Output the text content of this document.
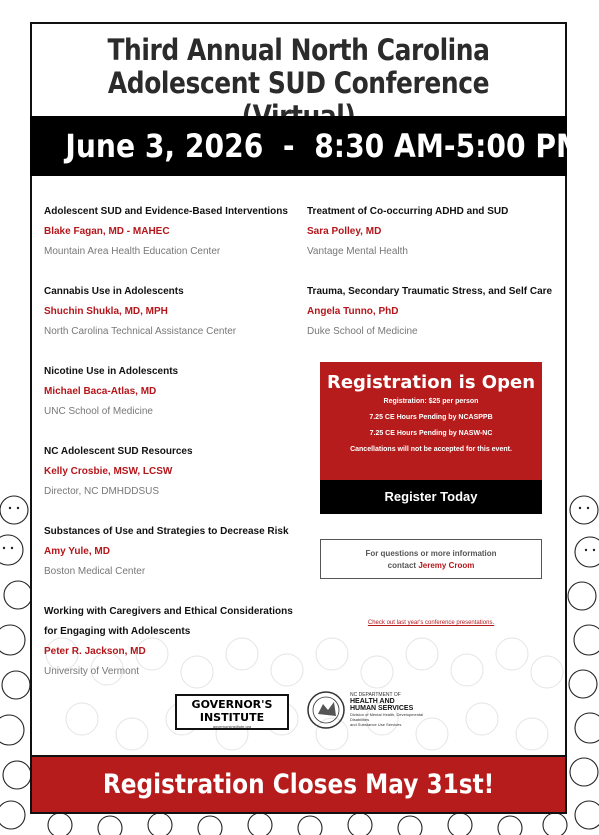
Third Annual North Carolina
Adolescent SUD Conference
June 3, 2026  -  8:30 AM-5:00 PM
Adolescent SUD and Evidence-Based Interventions
Blake Fagan, MD - MAHEC
Mountain Area Health Education Center
Cannabis Use in Adolescents
Shuchin Shukla, MD, MPH
North Carolina Technical Assistance Center
Nicotine Use in Adolescents
Michael Baca-Atlas, MD
UNC School of Medicine
NC Adolescent SUD Resources
Kelly Crosbie, MSW, LCSW
Director, NC DMHDDSUS
Substances of Use and Strategies to Decrease Risk
Amy Yule, MD
Boston Medical Center
Working with Caregivers and Ethical Considerations
for Engaging with Adolescents
Peter R. Jackson, MD
University of Vermont
Treatment of Co-occurring ADHD and SUD
Sara Polley, MD
Vantage Mental Health
Trauma, Secondary Traumatic Stress, and Self Care
Angela Tunno, PhD
Duke School of Medicine
Registration is Open
Registration: $25 per person
7.25 CE Hours Pending by NCASPPB
7.25 CE Hours Pending by NASW-NC
Cancellations will not be accepted for this event.
Register Today
For questions or more information
contact Jeremy Croom
Check out last year's conference presentations.
GOVERNOR'S
INSTITUTE
governorsinstitute.org
NC DEPARTMENT OF
HEALTH AND
HUMAN SERVICES
Division of Mental Health, Developmental Disabilities
and Substance Use Services
Registration Closes May 31st!
